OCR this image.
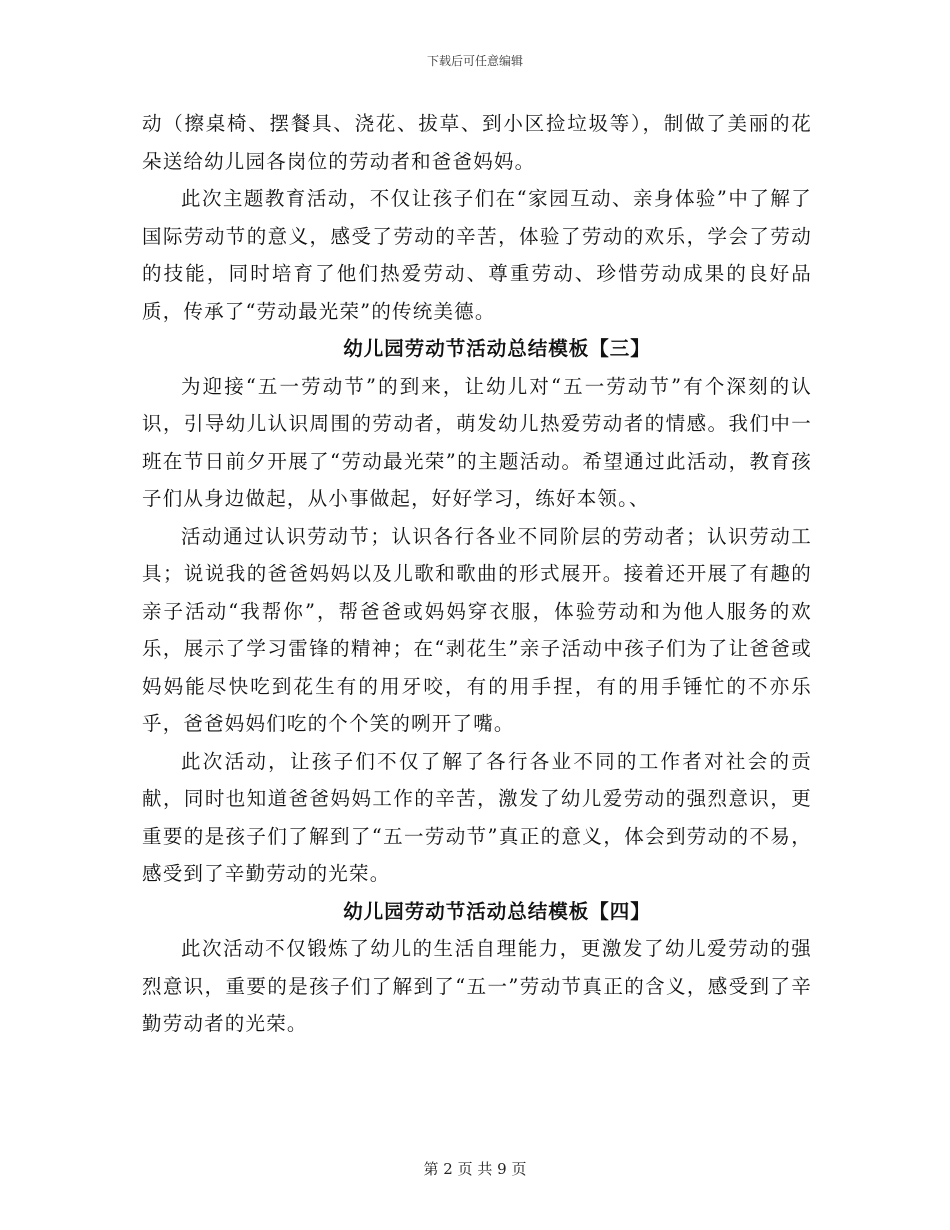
下载后可任意编辑

动（擦桌椅、摆餐具、浇花、拔草、到小区捡垃圾等），制做了美丽的花朵送给幼儿园各岗位的劳动者和爸爸妈妈。

此次主题教育活动，不仅让孩子们在“家园互动、亲身体验”中了解了国际劳动节的意义，感受了劳动的辛苦，体验了劳动的欢乐，学会了劳动的技能，同时培育了他们热爱劳动、尊重劳动、珍惜劳动成果的良好品质，传承了“劳动最光荣”的传统美德。

幼儿园劳动节活动总结模板【三】

为迎接“五一劳动节”的到来，让幼儿对“五一劳动节”有个深刻的认识，引导幼儿认识周围的劳动者，萌发幼儿热爱劳动者的情感。我们中一班在节日前夕开展了“劳动最光荣”的主题活动。希望通过此活动，教育孩子们从身边做起，从小事做起，好好学习，练好本领。、

活动通过认识劳动节；认识各行各业不同阶层的劳动者；认识劳动工具；说说我的爸爸妈妈以及儿歌和歌曲的形式展开。接着还开展了有趣的亲子活动“我帮你”，帮爸爸或妈妈穿衣服，体验劳动和为他人服务的欢乐，展示了学习雷锋的精神；在“剥花生”亲子活动中孩子们为了让爸爸或妈妈能尽快吃到花生有的用牙咬，有的用手捏，有的用手锤忙的不亦乐乎，爸爸妈妈们吃的个个笑的咧开了嘴。

此次活动，让孩子们不仅了解了各行各业不同的工作者对社会的贡献，同时也知道爸爸妈妈工作的辛苦，激发了幼儿爱劳动的强烈意识，更重要的是孩子们了解到了“五一劳动节”真正的意义，体会到劳动的不易，感受到了辛勤劳动的光荣。

幼儿园劳动节活动总结模板【四】

此次活动不仅锻炼了幼儿的生活自理能力，更激发了幼儿爱劳动的强烈意识，重要的是孩子们了解到了“五一”劳动节真正的含义，感受到了辛勤劳动者的光荣。

第 2 页 共 9 页
